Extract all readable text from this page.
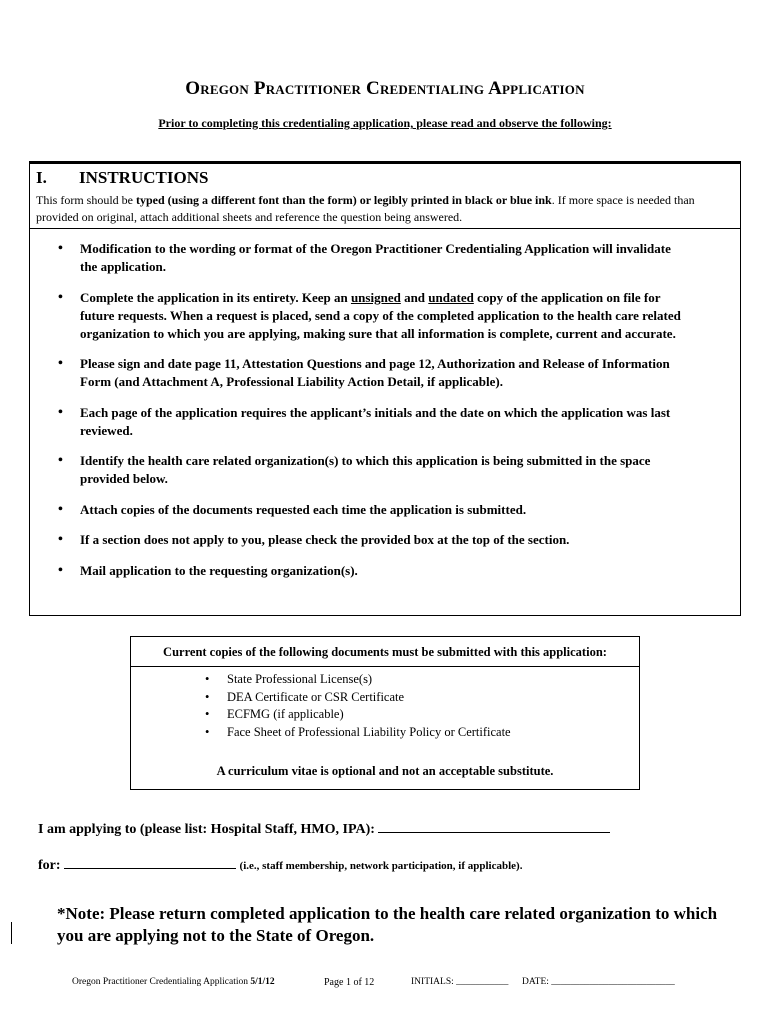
Oregon Practitioner Credentialing Application
Prior to completing this credentialing application, please read and observe the following:
I. INSTRUCTIONS
This form should be typed (using a different font than the form) or legibly printed in black or blue ink. If more space is needed than provided on original, attach additional sheets and reference the question being answered.
• Modification to the wording or format of the Oregon Practitioner Credentialing Application will invalidate the application.
• Complete the application in its entirety. Keep an unsigned and undated copy of the application on file for future requests. When a request is placed, send a copy of the completed application to the health care related organization to which you are applying, making sure that all information is complete, current and accurate.
• Please sign and date page 11, Attestation Questions and page 12, Authorization and Release of Information Form (and Attachment A, Professional Liability Action Detail, if applicable).
• Each page of the application requires the applicant’s initials and the date on which the application was last reviewed.
• Identify the health care related organization(s) to which this application is being submitted in the space provided below.
• Attach copies of the documents requested each time the application is submitted.
• If a section does not apply to you, please check the provided box at the top of the section.
• Mail application to the requesting organization(s).
Current copies of the following documents must be submitted with this application:
• State Professional License(s)
• DEA Certificate or CSR Certificate
• ECFMG (if applicable)
• Face Sheet of Professional Liability Policy or Certificate
A curriculum vitae is optional and not an acceptable substitute.
I am applying to (please list: Hospital Staff, HMO, IPA):
for:	(i.e., staff membership, network participation, if applicable).
*Note: Please return completed application to the health care related organization to which you are applying not to the State of Oregon.
Oregon Practitioner Credentialing Application 5/1/12	Page 1 of 12	INITIALS: ___________ DATE: __________________________
